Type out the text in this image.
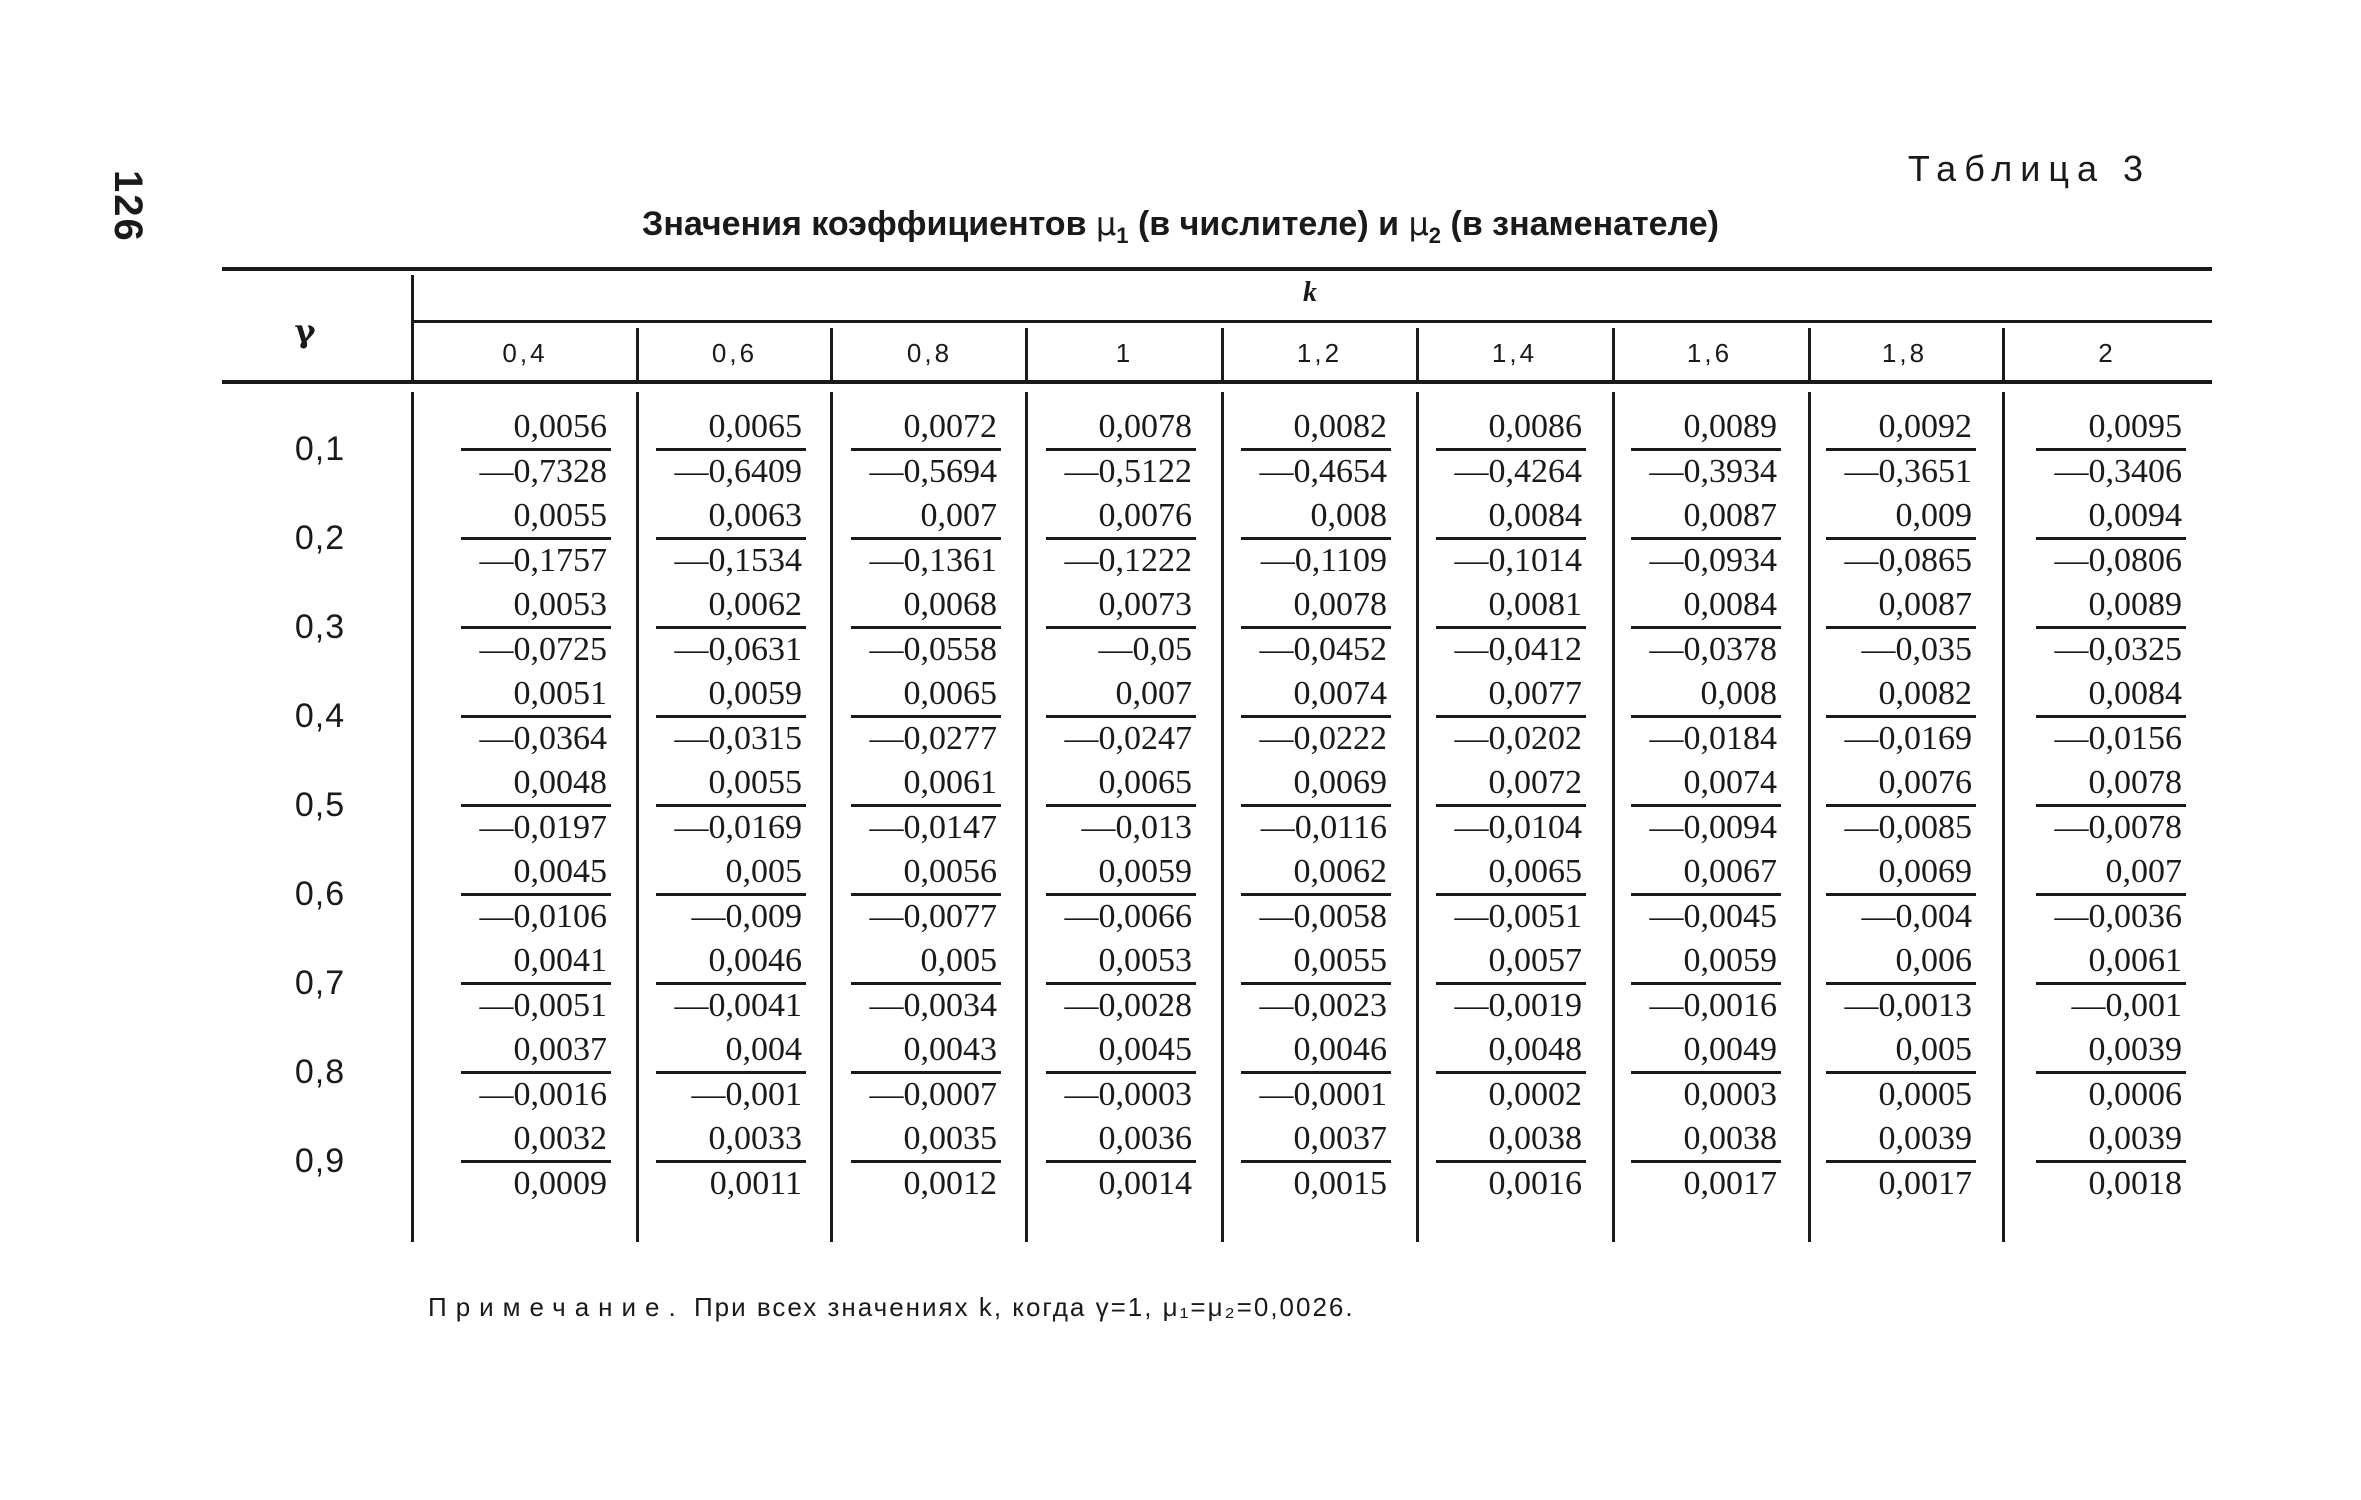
126
Таблица 3
Значения коэффициентов $\mu_1$ (в числителе) и $\mu_2$ (в знаменателе)
γ
k
0,4	0,6	0,8	1	1,2	1,4	1,6	1,8	2
0,1	$\frac{0,0056}{—0,7328} \frac{0,0065}{—0,6409} \frac{0,0072}{—0,5694} \frac{0,0078}{—0,5122} \frac{0,0082}{—0,4654} \frac{0,0086}{—0,4264} \frac{0,0089}{—0,3934} \frac{0,0092}{—0,3651} \frac{0,0095}{—0,3406}$
0,2	$\frac{0,0055}{—0,1757} \frac{0,0063}{—0,1534} \frac{0,007}{—0,1361} \frac{0,0076}{—0,1222} \frac{0,008}{—0,1109} \frac{0,0084}{—0,1014} \frac{0,0087}{—0,0934} \frac{0,009}{—0,0865} \frac{0,0094}{—0,0806}$
0,3	$\frac{0,0053}{—0,0725} \frac{0,0062}{—0,0631} \frac{0,0068}{—0,0558} \frac{0,0073}{—0,05} \frac{0,0078}{—0,0452} \frac{0,0081}{—0,0412} \frac{0,0084}{—0,0378} \frac{0,0087}{—0,035} \frac{0,0089}{—0,0325}$
0,4	$\frac{0,0051}{—0,0364} \frac{0,0059}{—0,0315} \frac{0,0065}{—0,0277} \frac{0,007}{—0,0247} \frac{0,0074}{—0,0222} \frac{0,0077}{—0,0202} \frac{0,008}{—0,0184} \frac{0,0082}{—0,0169} \frac{0,0084}{—0,0156}$
0,5	$\frac{0,0048}{—0,0197} \frac{0,0055}{—0,0169} \frac{0,0061}{—0,0147} \frac{0,0065}{—0,013} \frac{0,0069}{—0,0116} \frac{0,0072}{—0,0104} \frac{0,0074}{—0,0094} \frac{0,0076}{—0,0085} \frac{0,0078}{—0,0078}$
0,6	$\frac{0,0045}{—0,0106} \frac{0,005}{—0,009} \frac{0,0056}{—0,0077} \frac{0,0059}{—0,0066} \frac{0,0062}{—0,0058} \frac{0,0065}{—0,0051} \frac{0,0067}{—0,0045} \frac{0,0069}{—0,004} \frac{0,007}{—0,0036}$
0,7	$\frac{0,0041}{—0,0051} \frac{0,0046}{—0,0041} \frac{0,005}{—0,0034} \frac{0,0053}{—0,0028} \frac{0,0055}{—0,0023} \frac{0,0057}{—0,0019} \frac{0,0059}{—0,0016} \frac{0,006}{—0,0013} \frac{0,0061}{—0,001}$
0,8	$\frac{0,0037}{—0,0016} \frac{0,004}{—0,001} \frac{0,0043}{—0,0007} \frac{0,0045}{—0,0003} \frac{0,0046}{—0,0001} \frac{0,0048}{0,0002} \frac{0,0049}{0,0003} \frac{0,005}{0,0005} \frac{0,0039}{0,0006}$
0,9	$\frac{0,0032}{0,0009} \frac{0,0033}{0,0011} \frac{0,0035}{0,0012} \frac{0,0036}{0,0014} \frac{0,0037}{0,0015} \frac{0,0038}{0,0016} \frac{0,0038}{0,0017} \frac{0,0039}{0,0017} \frac{0,0039}{0,0018}$
Примечание. При всех значениях k, когда γ=1, μ₁=μ₂=0,0026.
